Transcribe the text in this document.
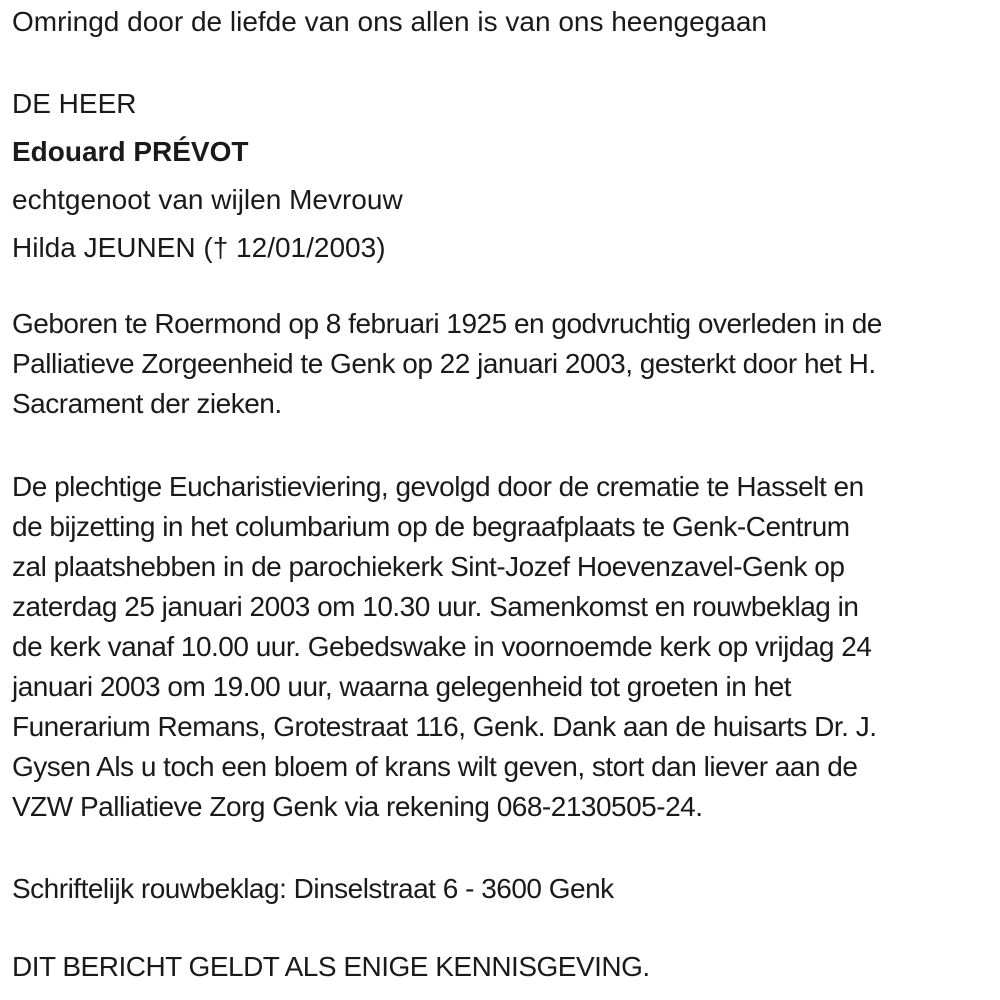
Omringd door de liefde van ons allen is van ons heengegaan
DE HEER
Edouard PRÉVOT
echtgenoot van wijlen Mevrouw
Hilda JEUNEN († 12/01/2003)
Geboren te Roermond op 8 februari 1925 en godvruchtig overleden in de
Palliatieve Zorgeenheid te Genk op 22 januari 2003, gesterkt door het H.
Sacrament der zieken.
De plechtige Eucharistieviering, gevolgd door de crematie te Hasselt en
de bijzetting in het columbarium op de begraafplaats te Genk-Centrum
zal plaatshebben in de parochiekerk Sint-Jozef Hoevenzavel-Genk op
zaterdag 25 januari 2003 om 10.30 uur. Samenkomst en rouwbeklag in
de kerk vanaf 10.00 uur. Gebedswake in voornoemde kerk op vrijdag 24
januari 2003 om 19.00 uur, waarna gelegenheid tot groeten in het
Funerarium Remans, Grotestraat 116, Genk. Dank aan de huisarts Dr. J.
Gysen Als u toch een bloem of krans wilt geven, stort dan liever aan de
VZW Palliatieve Zorg Genk via rekening 068-2130505-24.
Schriftelijk rouwbeklag: Dinselstraat 6 - 3600 Genk
DIT BERICHT GELDT ALS ENIGE KENNISGEVING.
